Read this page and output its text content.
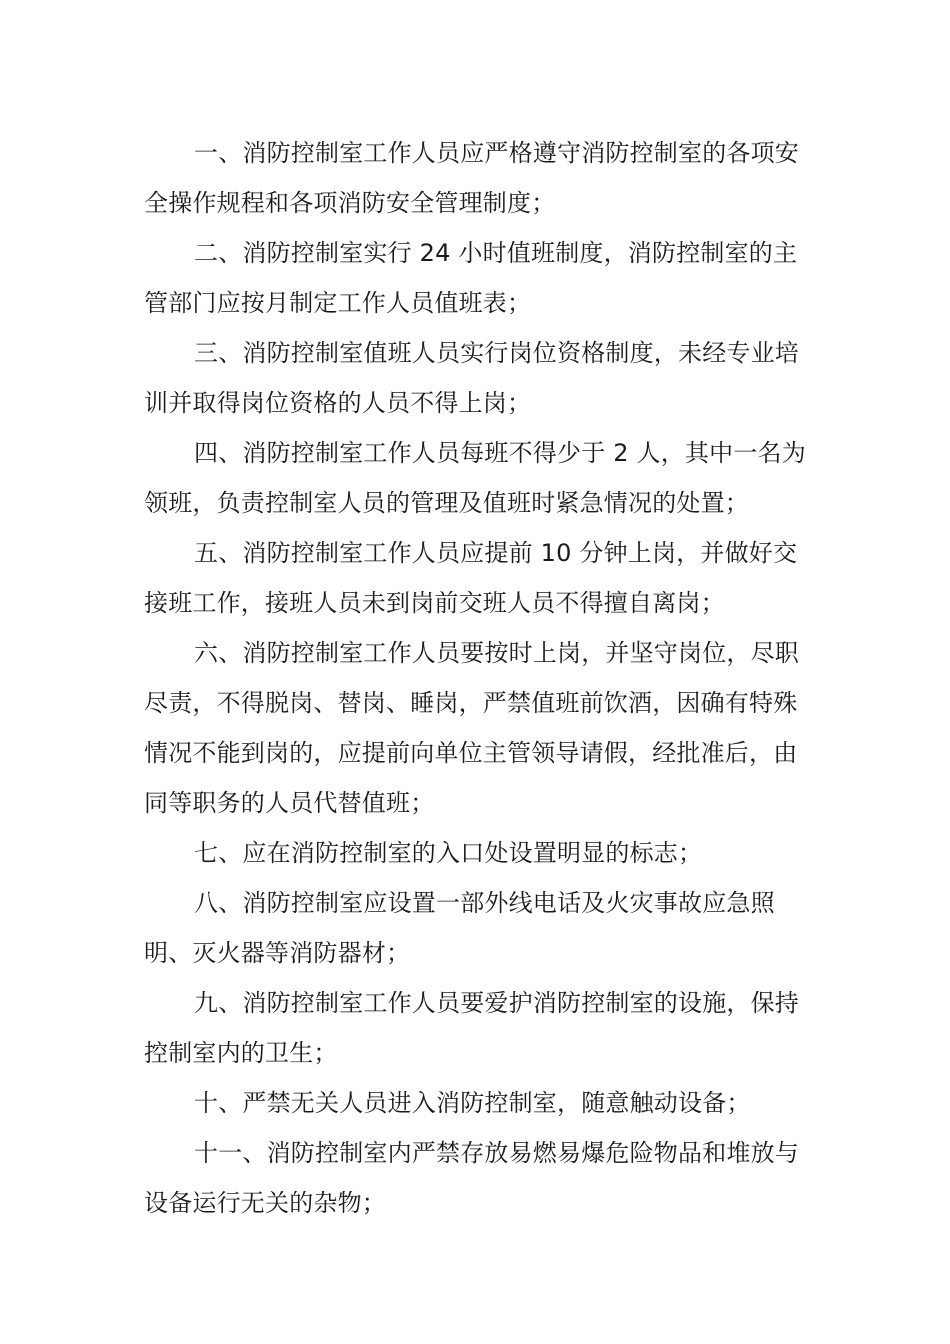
一、消防控制室工作人员应严格遵守消防控制室的各项安全操作规程和各项消防安全管理制度；

二、消防控制室实行 24 小时值班制度，消防控制室的主管部门应按月制定工作人员值班表；

三、消防控制室值班人员实行岗位资格制度，未经专业培训并取得岗位资格的人员不得上岗；

四、消防控制室工作人员每班不得少于 2 人，其中一名为领班，负责控制室人员的管理及值班时紧急情况的处置；

五、消防控制室工作人员应提前 10 分钟上岗，并做好交接班工作，接班人员未到岗前交班人员不得擅自离岗；

六、消防控制室工作人员要按时上岗，并坚守岗位，尽职尽责，不得脱岗、替岗、睡岗，严禁值班前饮酒，因确有特殊情况不能到岗的，应提前向单位主管领导请假，经批准后，由同等职务的人员代替值班；

七、应在消防控制室的入口处设置明显的标志；

八、消防控制室应设置一部外线电话及火灾事故应急照明、灭火器等消防器材；

九、消防控制室工作人员要爱护消防控制室的设施，保持控制室内的卫生；

十、严禁无关人员进入消防控制室，随意触动设备；

十一、消防控制室内严禁存放易燃易爆危险物品和堆放与设备运行无关的杂物；
